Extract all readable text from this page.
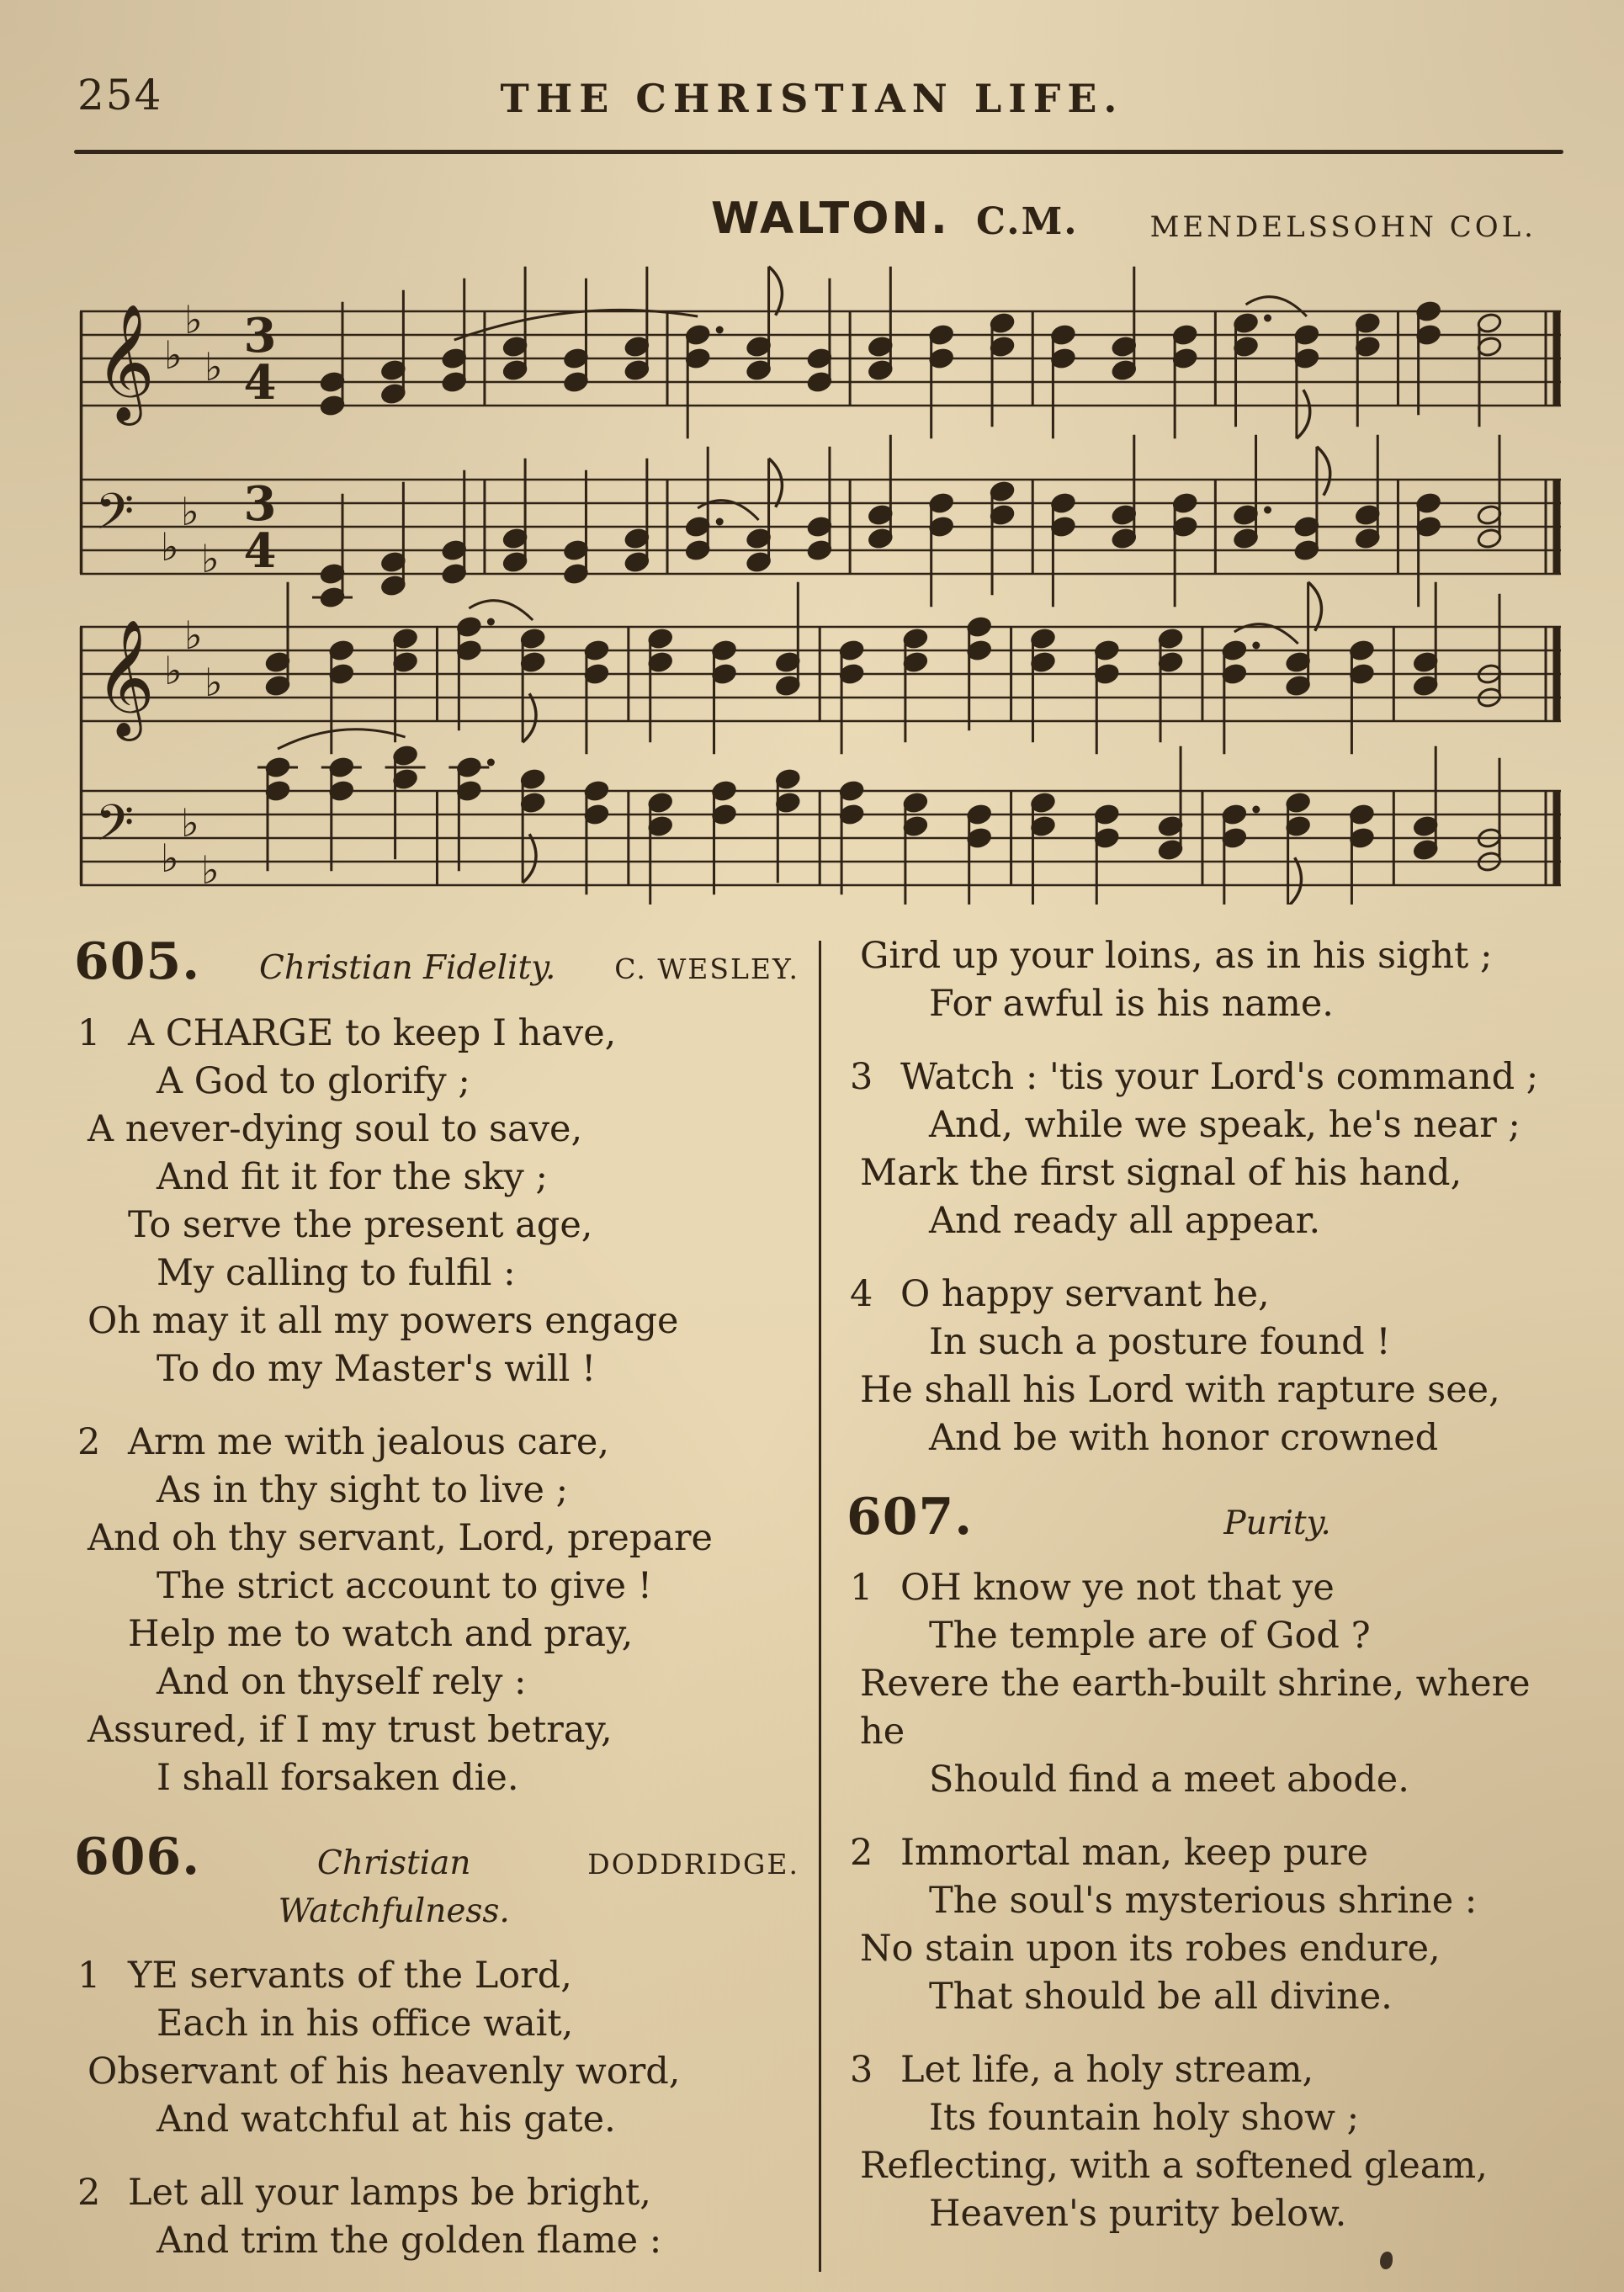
254	THE CHRISTIAN LIFE.
WALTON. C.M.	MENDELSSOHN COL.
𝄞
𝄢
♭
♭
♭
♭
♭
♭
3
4
3
4
𝄞
𝄢
♭
♭
♭
♭
♭
♭
605.	Christian Fidelity.	C. WESLEY.
1 A CHARGE to keep I have,

A God to glorify ;

A never-dying soul to save,

And fit it for the sky ;

To serve the present age,

My calling to fulfil :

Oh may it all my powers engage

To do my Master's will !

2 Arm me with jealous care,

As in thy sight to live ;

And oh thy servant, Lord, prepare

The strict account to give !

Help me to watch and pray,

And on thyself rely :

Assured, if I my trust betray,

I shall forsaken die.

606.	Christian Watchfulness.
DODDRIDGE.
1 YE servants of the Lord,

Each in his office wait,

Observant of his heavenly word,

And watchful at his gate.

2 Let all your lamps be bright,

And trim the golden flame :

Gird up your loins, as in his sight ;

For awful is his name.

3 Watch : 'tis your Lord's command ;

And, while we speak, he's near ;

Mark the first signal of his hand,

And ready all appear.

4 O happy servant he,

In such a posture found !

He shall his Lord with rapture see,

And be with honor crowned

607.	Purity.
1 OH know ye not that ye

The temple are of God ?

Revere the earth-built shrine, where he

Should find a meet abode.

2 Immortal man, keep pure

The soul's mysterious shrine :

No stain upon its robes endure,

That should be all divine.

3 Let life, a holy stream,

Its fountain holy show ;

Reflecting, with a softened gleam,

Heaven's purity below.
